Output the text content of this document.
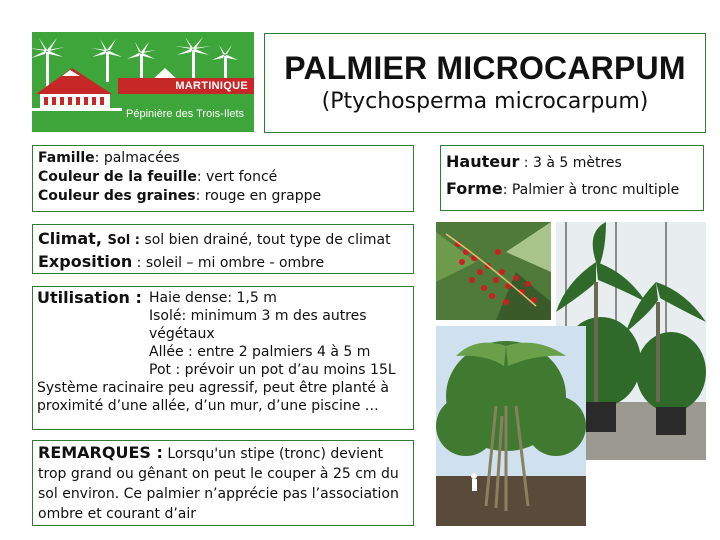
MARTINIQUE
Pépinière des Trois-Ilets
PALMIER MICROCARPUM
(Ptychosperma microcarpum)
Famille: palmacées
Couleur de la feuille: vert foncé
Couleur des graines: rouge en grappe
Hauteur : 3 à 5 mètres
Forme: Palmier à tronc multiple
Climat, Sol : sol bien drainé, tout type de climat
Exposition : soleil – mi ombre - ombre
Utilisation : Haie dense: 1,5 m
Isolé: minimum 3 m des autres végétaux
Allée : entre 2 palmiers 4 à 5 m
Pot : prévoir un pot d’au moins 15L
Système racinaire peu agressif, peut être planté à proximité d’une allée, d’un mur, d’une piscine …
REMARQUES : Lorsqu'un stipe (tronc) devient trop grand ou gênant on peut le couper à 25 cm du sol environ. Ce palmier n’apprécie pas l’association ombre et courant d’air
